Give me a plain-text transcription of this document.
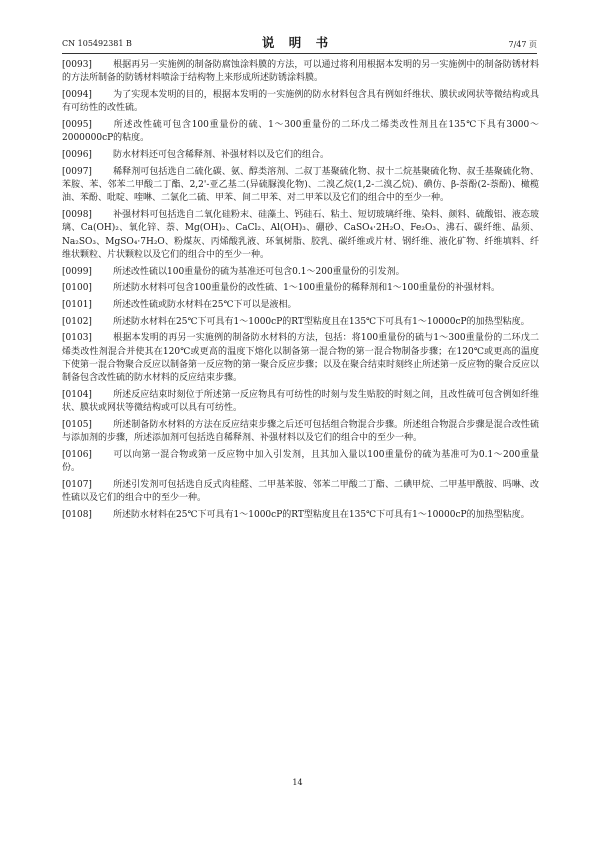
CN 105492381 B	说 明 书	7/47 页
[0093] 根据再另一实施例的制备防腐蚀涂料膜的方法，可以通过将利用根据本发明的另一实施例中的制备防锈材料的方法所制备的防锈材料喷涂于结构物上来形成所述防锈涂料膜。
[0094] 为了实现本发明的目的，根据本发明的一实施例的防水材料包含具有例如纤维状、膜状或网状等微结构或具有可纺性的改性硫。
[0095] 所述改性硫可包含100重量份的硫、1～300重量份的二环戊二烯类改性剂且在135℃下具有3000～2000000cP的粘度。
[0096] 防水材料还可包含稀释剂、补强材料以及它们的组合。
[0097] 稀释剂可包括选自二硫化碳、氨、醇类溶剂、二叔丁基聚硫化物、叔十二烷基聚硫化物、叔壬基聚硫化物、苯胺、苯、邻苯二甲酸二丁酯、2,2'-亚乙基二(异硫脲溴化物)、二溴乙烷(1,2-二溴乙烷)、碘仿、β-萘酚(2-萘酚)、橄榄油、苯酚、吡啶、喹啉、二氯化二硫、甲苯、间二甲苯、对二甲苯以及它们的组合中的至少一种。
[0098] 补强材料可包括选自二氧化硅粉末、硅藻土、钙硅石、粘土、短切玻璃纤维、染料、颜料、硫酸铝、液态玻璃、Ca(OH)₂、氧化锌、萘、Mg(OH)₂、CaCl₂、Al(OH)₃、硼砂、CaSO₄·2H₂O、Fe₂O₃、沸石、碳纤维、晶须、Na₂SO₃、MgSO₄·7H₂O、粉煤灰、丙烯酸乳液、环氧树脂、胶乳、碳纤维或片材、钢纤维、液化矿物、纤维填料、纤维状颗粒、片状颗粒以及它们的组合中的至少一种。
[0099] 所述改性硫以100重量份的硫为基准还可包含0.1～200重量份的引发剂。
[0100] 所述防水材料可包含100重量份的改性硫、1～100重量份的稀释剂和1～100重量份的补强材料。
[0101] 所述改性硫或防水材料在25℃下可以是液相。
[0102] 所述防水材料在25℃下可具有1～1000cP的RT型粘度且在135℃下可具有1～10000cP的加热型粘度。
[0103] 根据本发明的再另一实施例的制备防水材料的方法，包括：将100重量份的硫与1～300重量份的二环戊二烯类改性剂混合并使其在120℃或更高的温度下熔化以制备第一混合物的第一混合物制备步骤；在120℃或更高的温度下使第一混合物聚合反应以制备第一反应物的第一聚合反应步骤；以及在聚合结束时刻终止所述第一反应物的聚合反应以制备包含改性硫的防水材料的反应结束步骤。
[0104] 所述反应结束时刻位于所述第一反应物具有可纺性的时刻与发生贴胶的时刻之间，且改性硫可包含例如纤维状、膜状或网状等微结构或可以具有可纺性。
[0105] 所述制备防水材料的方法在反应结束步骤之后还可包括组合物混合步骤。所述组合物混合步骤是混合改性硫与添加剂的步骤，所述添加剂可包括选自稀释剂、补强材料以及它们的组合中的至少一种。
[0106] 可以向第一混合物或第一反应物中加入引发剂，且其加入量以100重量份的硫为基准可为0.1～200重量份。
[0107] 所述引发剂可包括选自反式肉桂醛、二甲基苯胺、邻苯二甲酸二丁酯、二碘甲烷、二甲基甲酰胺、吗啉、改性硫以及它们的组合中的至少一种。
[0108] 所述防水材料在25℃下可具有1～1000cP的RT型粘度且在135℃下可具有1～10000cP的加热型粘度。
14
